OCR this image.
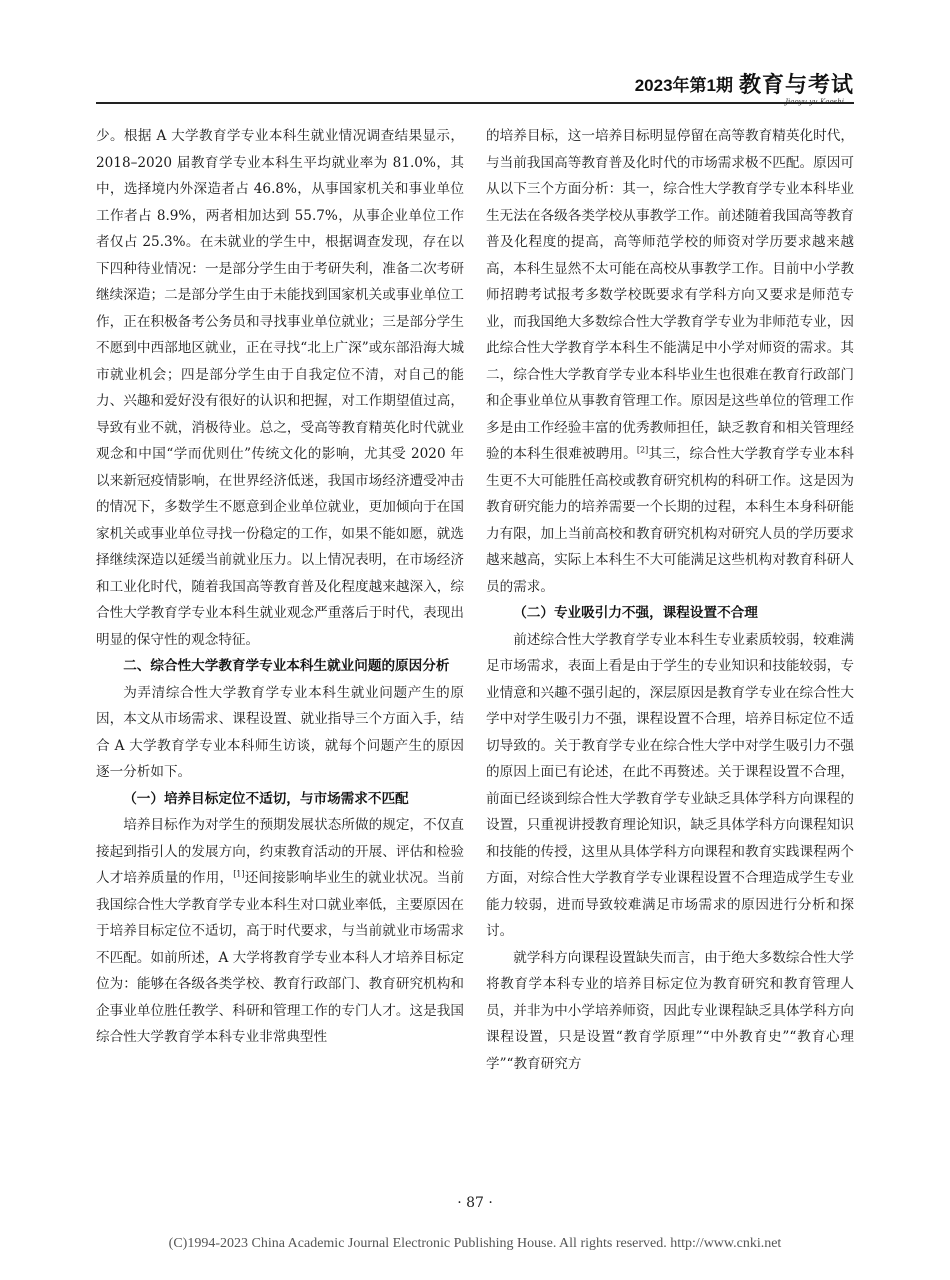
2023年第1期 教育与考试
Jiaoyu yu Kaoshi

少。根据 A 大学教育学专业本科生就业情况调查结果显示，2018–2020 届教育学专业本科生平均就业率为 81.0%，其中，选择境内外深造者占 46.8%，从事国家机关和事业单位工作者占 8.9%，两者相加达到 55.7%，从事企业单位工作者仅占 25.3%。在未就业的学生中，根据调查发现，存在以下四种待业情况：一是部分学生由于考研失利，准备二次考研继续深造；二是部分学生由于未能找到国家机关或事业单位工作，正在积极备考公务员和寻找事业单位就业；三是部分学生不愿到中西部地区就业，正在寻找“北上广深”或东部沿海大城市就业机会；四是部分学生由于自我定位不清，对自己的能力、兴趣和爱好没有很好的认识和把握，对工作期望值过高，导致有业不就，消极待业。总之，受高等教育精英化时代就业观念和中国“学而优则仕”传统文化的影响，尤其受 2020 年以来新冠疫情影响，在世界经济低迷，我国市场经济遭受冲击的情况下，多数学生不愿意到企业单位就业，更加倾向于在国家机关或事业单位寻找一份稳定的工作，如果不能如愿，就选择继续深造以延缓当前就业压力。以上情况表明，在市场经济和工业化时代，随着我国高等教育普及化程度越来越深入，综合性大学教育学专业本科生就业观念严重落后于时代，表现出明显的保守性的观念特征。

二、综合性大学教育学专业本科生就业问题的原因分析

为弄清综合性大学教育学专业本科生就业问题产生的原因，本文从市场需求、课程设置、就业指导三个方面入手，结合 A 大学教育学专业本科师生访谈，就每个问题产生的原因逐一分析如下。

（一）培养目标定位不适切，与市场需求不匹配

培养目标作为对学生的预期发展状态所做的规定，不仅直接起到指引人的发展方向，约束教育活动的开展、评估和检验人才培养质量的作用，[1]还间接影响毕业生的就业状况。当前我国综合性大学教育学专业本科生对口就业率低，主要原因在于培养目标定位不适切，高于时代要求，与当前就业市场需求不匹配。如前所述，A 大学将教育学专业本科人才培养目标定位为：能够在各级各类学校、教育行政部门、教育研究机构和企事业单位胜任教学、科研和管理工作的专门人才。这是我国综合性大学教育学本科专业非常典型性

的培养目标，这一培养目标明显停留在高等教育精英化时代，与当前我国高等教育普及化时代的市场需求极不匹配。原因可从以下三个方面分析：其一，综合性大学教育学专业本科毕业生无法在各级各类学校从事教学工作。前述随着我国高等教育普及化程度的提高，高等师范学校的师资对学历要求越来越高，本科生显然不太可能在高校从事教学工作。目前中小学教师招聘考试报考多数学校既要求有学科方向又要求是师范专业，而我国绝大多数综合性大学教育学专业为非师范专业，因此综合性大学教育学本科生不能满足中小学对师资的需求。其二，综合性大学教育学专业本科毕业生也很难在教育行政部门和企事业单位从事教育管理工作。原因是这些单位的管理工作多是由工作经验丰富的优秀教师担任，缺乏教育和相关管理经验的本科生很难被聘用。[2]其三，综合性大学教育学专业本科生更不大可能胜任高校或教育研究机构的科研工作。这是因为教育研究能力的培养需要一个长期的过程，本科生本身科研能力有限，加上当前高校和教育研究机构对研究人员的学历要求越来越高，实际上本科生不大可能满足这些机构对教育科研人员的需求。

（二）专业吸引力不强，课程设置不合理

前述综合性大学教育学专业本科生专业素质较弱，较难满足市场需求，表面上看是由于学生的专业知识和技能较弱，专业情意和兴趣不强引起的，深层原因是教育学专业在综合性大学中对学生吸引力不强，课程设置不合理，培养目标定位不适切导致的。关于教育学专业在综合性大学中对学生吸引力不强的原因上面已有论述，在此不再赘述。关于课程设置不合理，前面已经谈到综合性大学教育学专业缺乏具体学科方向课程的设置，只重视讲授教育理论知识，缺乏具体学科方向课程知识和技能的传授，这里从具体学科方向课程和教育实践课程两个方面，对综合性大学教育学专业课程设置不合理造成学生专业能力较弱，进而导致较难满足市场需求的原因进行分析和探讨。

就学科方向课程设置缺失而言，由于绝大多数综合性大学将教育学本科专业的培养目标定位为教育研究和教育管理人员，并非为中小学培养师资，因此专业课程缺乏具体学科方向课程设置，只是设置“教育学原理”“中外教育史”“教育心理学”“教育研究方

· 87 ·
(C)1994-2023 China Academic Journal Electronic Publishing House. All rights reserved. http://www.cnki.net
